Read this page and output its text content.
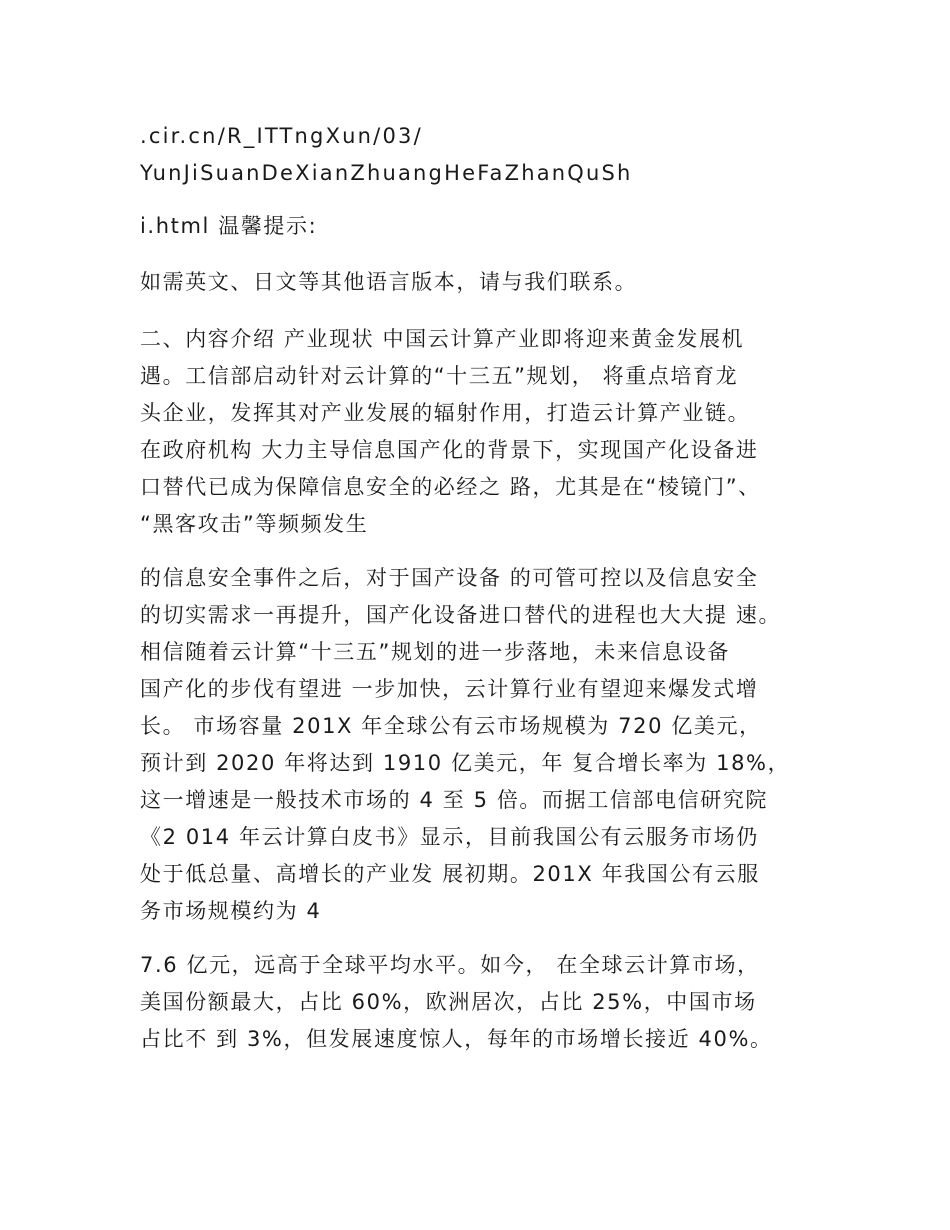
.cir.cn/R_ITTngXun/03/
YunJiSuanDeXianZhuangHeFaZhanQuSh
i.html 温馨提示:
如需英文、日文等其他语言版本，请与我们联系。
二、内容介绍 产业现状 中国云计算产业即将迎来黄金发展机
遇。工信部启动针对云计算的“十三五”规划， 将重点培育龙
头企业，发挥其对产业发展的辐射作用，打造云计算产业链。
在政府机构 大力主导信息国产化的背景下，实现国产化设备进
口替代已成为保障信息安全的必经之 路，尤其是在“棱镜门”、
“黑客攻击”等频频发生
的信息安全事件之后，对于国产设备 的可管可控以及信息安全
的切实需求一再提升，国产化设备进口替代的进程也大大提 速。
相信随着云计算“十三五”规划的进一步落地，未来信息设备
国产化的步伐有望进 一步加快，云计算行业有望迎来爆发式增
长。 市场容量 201X 年全球公有云市场规模为 720 亿美元，
预计到 2020 年将达到 1910 亿美元，年 复合增长率为 18%，
这一增速是一般技术市场的 4 至 5 倍。而据工信部电信研究院
《2 014 年云计算白皮书》显示，目前我国公有云服务市场仍
处于低总量、高增长的产业发 展初期。201X 年我国公有云服
务市场规模约为 4
7.6 亿元，远高于全球平均水平。如今， 在全球云计算市场，
美国份额最大，占比 60%，欧洲居次，占比 25%，中国市场
占比不 到 3%，但发展速度惊人，每年的市场增长接近 40%。
